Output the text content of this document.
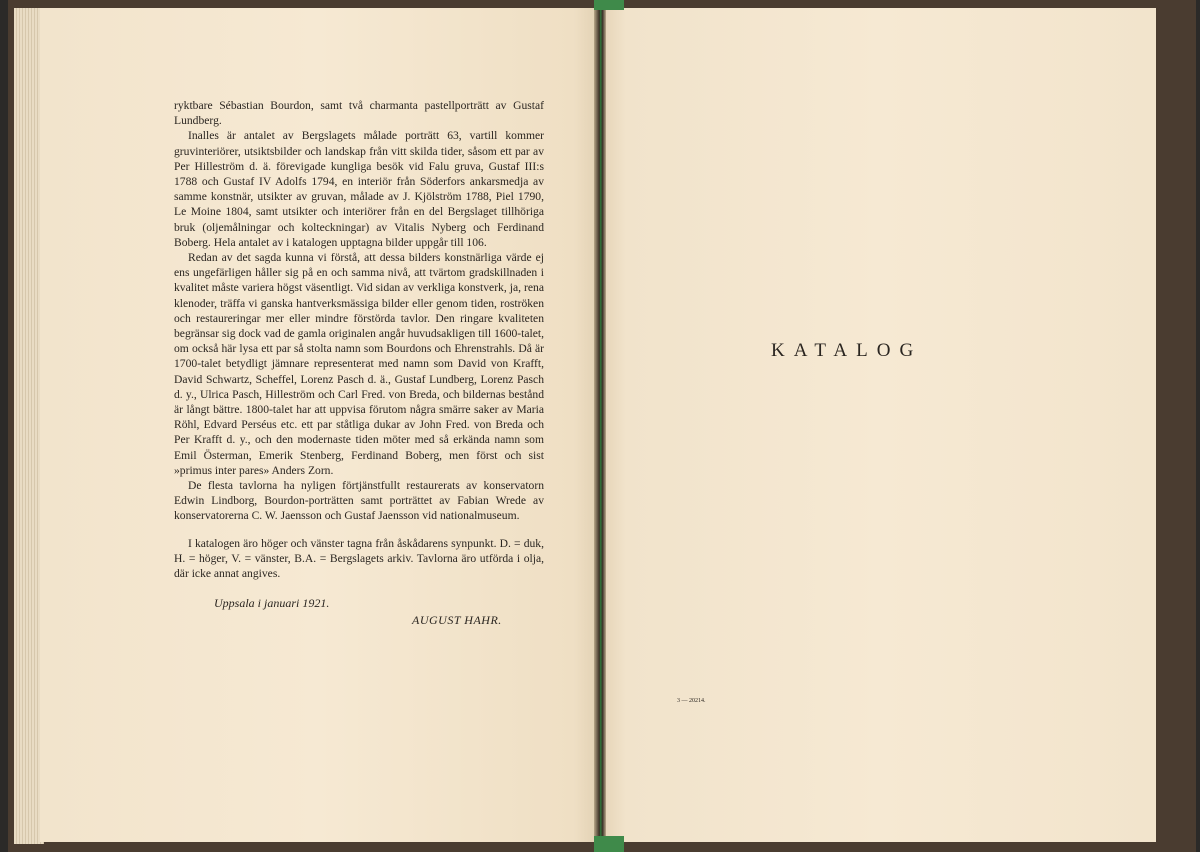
ryktbare Sébastian Bourdon, samt två charmanta pastellporträtt av Gustaf Lundberg.

Inalles är antalet av Bergslagets målade porträtt 63, vartill kommer gruvinteriörer, utsiktsbilder och landskap från vitt skilda tider, såsom ett par av Per Hilleström d. ä. förevigade kungliga besök vid Falu gruva, Gustaf III:s 1788 och Gustaf IV Adolfs 1794, en interiör från Söderfors ankarsmedja av samme konstnär, utsikter av gruvan, målade av J. Kjölström 1788, Piel 1790, Le Moine 1804, samt utsikter och interiörer från en del Bergslaget tillhöriga bruk (oljemålningar och kolteckningar) av Vitalis Nyberg och Ferdinand Boberg. Hela antalet av i katalogen upptagna bilder uppgår till 106.

Redan av det sagda kunna vi förstå, att dessa bilders konstnärliga värde ej ens ungefärligen håller sig på en och samma nivå, att tvärtom gradskillnaden i kvalitet måste variera högst väsentligt. Vid sidan av verkliga konstverk, ja, rena klenoder, träffa vi ganska hantverksmässiga bilder eller genom tiden, roströken och restaureringar mer eller mindre förstörda tavlor. Den ringare kvaliteten begränsar sig dock vad de gamla originalen angår huvudsakligen till 1600-talet, om också här lysa ett par så stolta namn som Bourdons och Ehrenstrahls. Då är 1700-talet betydligt jämnare representerat med namn som David von Krafft, David Schwartz, Scheffel, Lorenz Pasch d. ä., Gustaf Lundberg, Lorenz Pasch d. y., Ulrica Pasch, Hilleström och Carl Fred. von Breda, och bildernas bestånd är långt bättre. 1800-talet har att uppvisa förutom några smärre saker av Maria Röhl, Edvard Perséus etc. ett par ståtliga dukar av John Fred. von Breda och Per Krafft d. y., och den modernaste tiden möter med så erkända namn som Emil Österman, Emerik Stenberg, Ferdinand Boberg, men först och sist »primus inter pares» Anders Zorn.

De flesta tavlorna ha nyligen förtjänstfullt restaurerats av konservatorn Edwin Lindborg, Bourdon-porträtten samt porträttet av Fabian Wrede av konservatorerna C. W. Jaensson och Gustaf Jaensson vid nationalmuseum.

I katalogen äro höger och vänster tagna från åskådarens synpunkt. D. = duk, H. = höger, V. = vänster, B.A. = Bergslagets arkiv. Tavlorna äro utförda i olja, där icke annat angives.

Uppsala i januari 1921.
AUGUST HAHR.
KATALOG
3 — 20214.
